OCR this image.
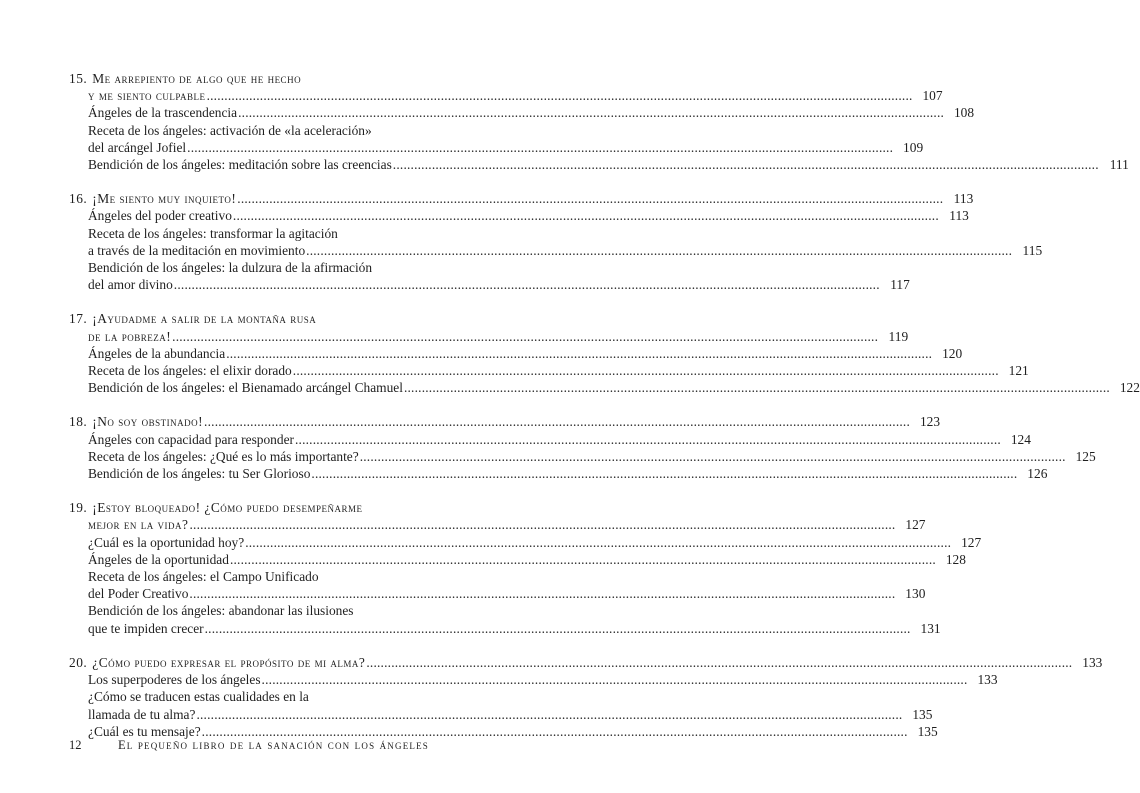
15. Me arrepiento de algo que he hecho
y me siento culpable .....	107
Ángeles de la trascendencia .....	108
Receta de los ángeles: activación de «la aceleración»
del arcángel Jofiel .....	109
Bendición de los ángeles: meditación sobre las creencias .....	111
16. ¡Me siento muy inquieto! .....	113
Ángeles del poder creativo .....	113
Receta de los ángeles: transformar la agitación
a través de la meditación en movimiento .....	115
Bendición de los ángeles: la dulzura de la afirmación
del amor divino .....	117
17. ¡Ayudadme a salir de la montaña rusa
de la pobreza! .....	119
Ángeles de la abundancia .....	120
Receta de los ángeles: el elixir dorado .....	121
Bendición de los ángeles: el Bienamado arcángel Chamuel .....	122
18. ¡No soy obstinado! .....	123
Ángeles con capacidad para responder .....	124
Receta de los ángeles: ¿Qué es lo más importante? .....	125
Bendición de los ángeles: tu Ser Glorioso .....	126
19. ¡Estoy bloqueado! ¿Cómo puedo desempeñarme
mejor en la vida? .....	127
¿Cuál es la oportunidad hoy? .....	127
Ángeles de la oportunidad .....	128
Receta de los ángeles: el Campo Unificado
del Poder Creativo .....	130
Bendición de los ángeles: abandonar las ilusiones
que te impiden crecer .....	131
20. ¿Cómo puedo expresar el propósito de mi alma? .....	133
Los superpoderes de los ángeles .....	133
¿Cómo se traducen estas cualidades en la
llamada de tu alma? .....	135
¿Cuál es tu mensaje? .....	135
12	El pequeño libro de la sanación con los ángeles
